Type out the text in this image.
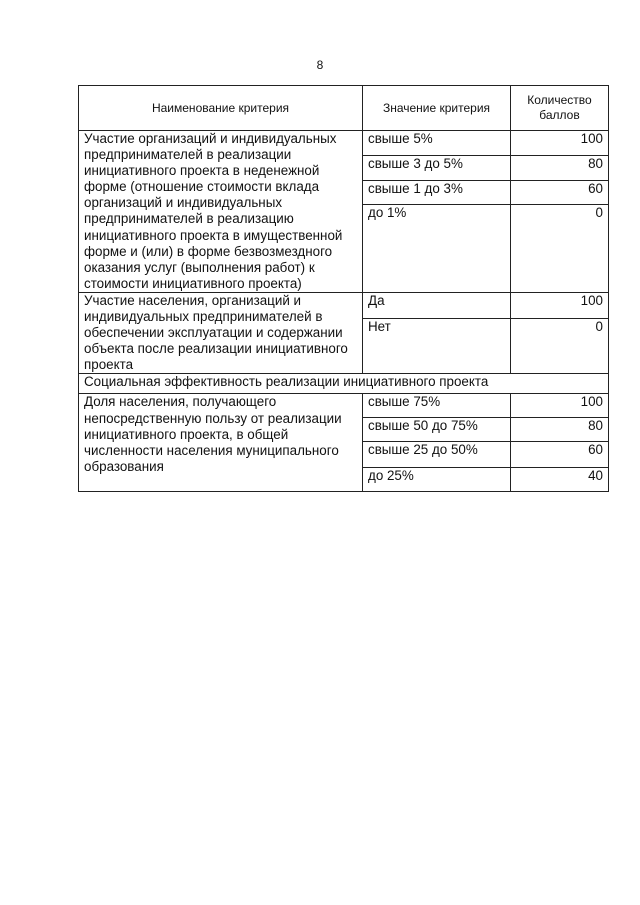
8
Наименование критерия	Значение критерия	Количество баллов
Участие организаций и индивидуальных предпринимателей в реализации инициативного проекта в неденежной форме (отношение стоимости вклада организаций и индивидуальных предпринимателей в реализацию инициативного проекта в имущественной форме и (или) в форме безвозмездного оказания услуг (выполнения работ) к стоимости инициативного проекта)	свыше 5%	100
	свыше 3 до 5%	80
	свыше 1 до 3%	60
	до 1%	0
Участие населения, организаций и индивидуальных предпринимателей в обеспечении эксплуатации и содержании объекта после реализации инициативного проекта	Да	100
	Нет	0
Социальная эффективность реализации инициативного проекта		
Доля населения, получающего непосредственную пользу от реализации инициативного проекта, в общей численности населения муниципального образования	свыше 75%	100
	свыше 50 до 75%	80
	свыше 25 до 50%	60
	до 25%	40
